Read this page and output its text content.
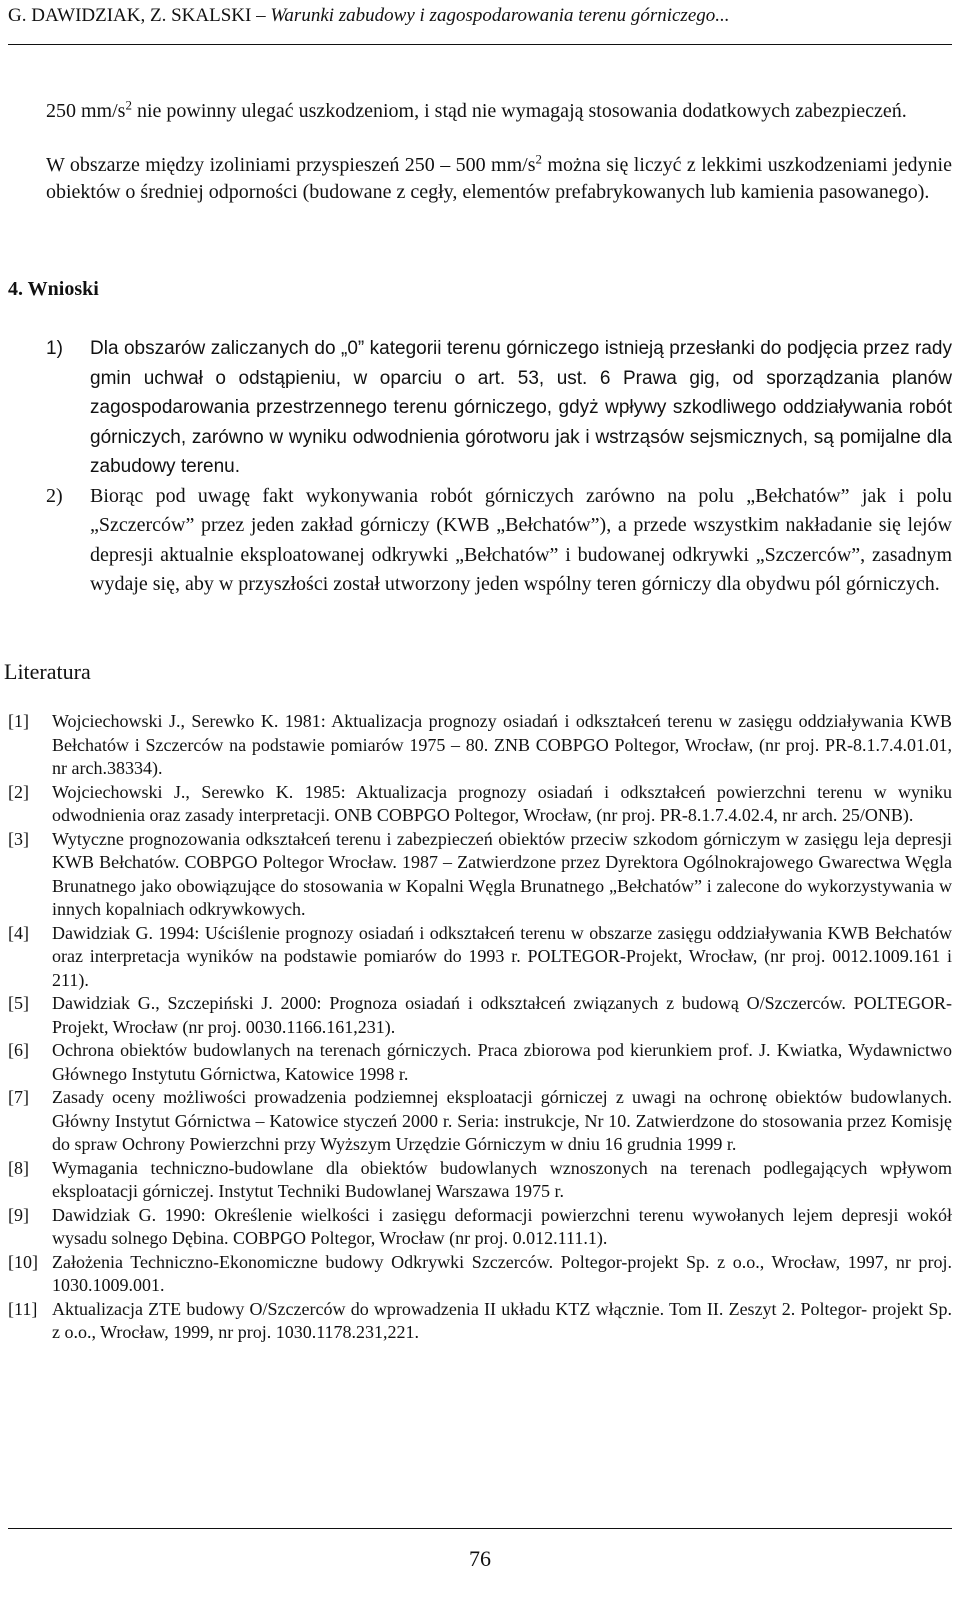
G. DAWIDZIAK, Z. SKALSKI – Warunki zabudowy i zagospodarowania terenu górniczego...
250 $mm/s^2$ nie powinny ulegać uszkodzeniom, i stąd nie wymagają stosowania dodatkowych zabezpieczeń.
W obszarze między izoliniami przyspieszeń 250 – 500 $mm/s^2$ można się liczyć z lekkimi uszkodzeniami jedynie obiektów o średniej odporności (budowane z cegły, elementów prefabrykowanych lub kamienia pasowanego).
4. Wnioski
1) Dla obszarów zaliczanych do „0” kategorii terenu górniczego istnieją przesłanki do podjęcia przez rady gmin uchwał o odstąpieniu, w oparciu o art. 53, ust. 6 Prawa gig, od sporządzania planów zagospodarowania przestrzennego terenu górniczego, gdyż wpływy szkodliwego oddziaływania robót górniczych, zarówno w wyniku odwodnienia górotworu jak i wstrząsów sejsmicznych, są pomijalne dla zabudowy terenu.
2) Biorąc pod uwagę fakt wykonywania robót górniczych zarówno na polu „Bełchatów” jak i polu „Szczerców” przez jeden zakład górniczy (KWB „Bełchatów”), a przede wszystkim nakładanie się lejów depresji aktualnie eksploatowanej odkrywki „Bełchatów” i budowanej odkrywki „Szczerców”, zasadnym wydaje się, aby w przyszłości został utworzony jeden wspólny teren górniczy dla obydwu pól górniczych.
Literatura
[1] Wojciechowski J., Serewko K. 1981: Aktualizacja prognozy osiadań i odkształceń terenu w zasięgu oddziaływania KWB Bełchatów i Szczerców na podstawie pomiarów 1975 – 80. ZNB COBPGO Poltegor, Wrocław, (nr proj. PR-8.1.7.4.01.01, nr arch.38334).
[2] Wojciechowski J., Serewko K. 1985: Aktualizacja prognozy osiadań i odkształceń powierzchni terenu w wyniku odwodnienia oraz zasady interpretacji. ONB COBPGO Poltegor, Wrocław, (nr proj. PR-8.1.7.4.02.4, nr arch. 25/ONB).
[3] Wytyczne prognozowania odkształceń terenu i zabezpieczeń obiektów przeciw szkodom górniczym w zasięgu leja depresji KWB Bełchatów. COBPGO Poltegor Wrocław. 1987 – Zatwierdzone przez Dyrektora Ogólnokrajowego Gwarectwa Węgla Brunatnego jako obowiązujące do stosowania w Kopalni Węgla Brunatnego „Bełchatów” i zalecone do wykorzystywania w innych kopalniach odkrywkowych.
[4] Dawidziak G. 1994: Uściślenie prognozy osiadań i odkształceń terenu w obszarze zasięgu oddziaływania KWB Bełchatów oraz interpretacja wyników na podstawie pomiarów do 1993 r. POLTEGOR-Projekt, Wrocław, (nr proj. 0012.1009.161 i 211).
[5] Dawidziak G., Szczepiński J. 2000: Prognoza osiadań i odkształceń związanych z budową O/Szczerców. POLTEGOR-Projekt, Wrocław (nr proj. 0030.1166.161,231).
[6] Ochrona obiektów budowlanych na terenach górniczych. Praca zbiorowa pod kierunkiem prof. J. Kwiatka, Wydawnictwo Głównego Instytutu Górnictwa, Katowice 1998 r.
[7] Zasady oceny możliwości prowadzenia podziemnej eksploatacji górniczej z uwagi na ochronę obiektów budowlanych. Główny Instytut Górnictwa – Katowice styczeń 2000 r. Seria: instrukcje, Nr 10. Zatwierdzone do stosowania przez Komisję do spraw Ochrony Powierzchni przy Wyższym Urzędzie Górniczym w dniu 16 grudnia 1999 r.
[8] Wymagania techniczno-budowlane dla obiektów budowlanych wznoszonych na terenach podlegających wpływom eksploatacji górniczej. Instytut Techniki Budowlanej Warszawa 1975 r.
[9] Dawidziak G. 1990: Określenie wielkości i zasięgu deformacji powierzchni terenu wywołanych lejem depresji wokół wysadu solnego Dębina. COBPGO Poltegor, Wrocław (nr proj. 0.012.111.1).
[10] Założenia Techniczno-Ekonomiczne budowy Odkrywki Szczerców. Poltegor-projekt Sp. z o.o., Wrocław, 1997, nr proj. 1030.1009.001.
[11] Aktualizacja ZTE budowy O/Szczerców do wprowadzenia II układu KTZ włącznie. Tom II. Zeszyt 2. Poltegor- projekt Sp. z o.o., Wrocław, 1999, nr proj. 1030.1178.231,221.
76
